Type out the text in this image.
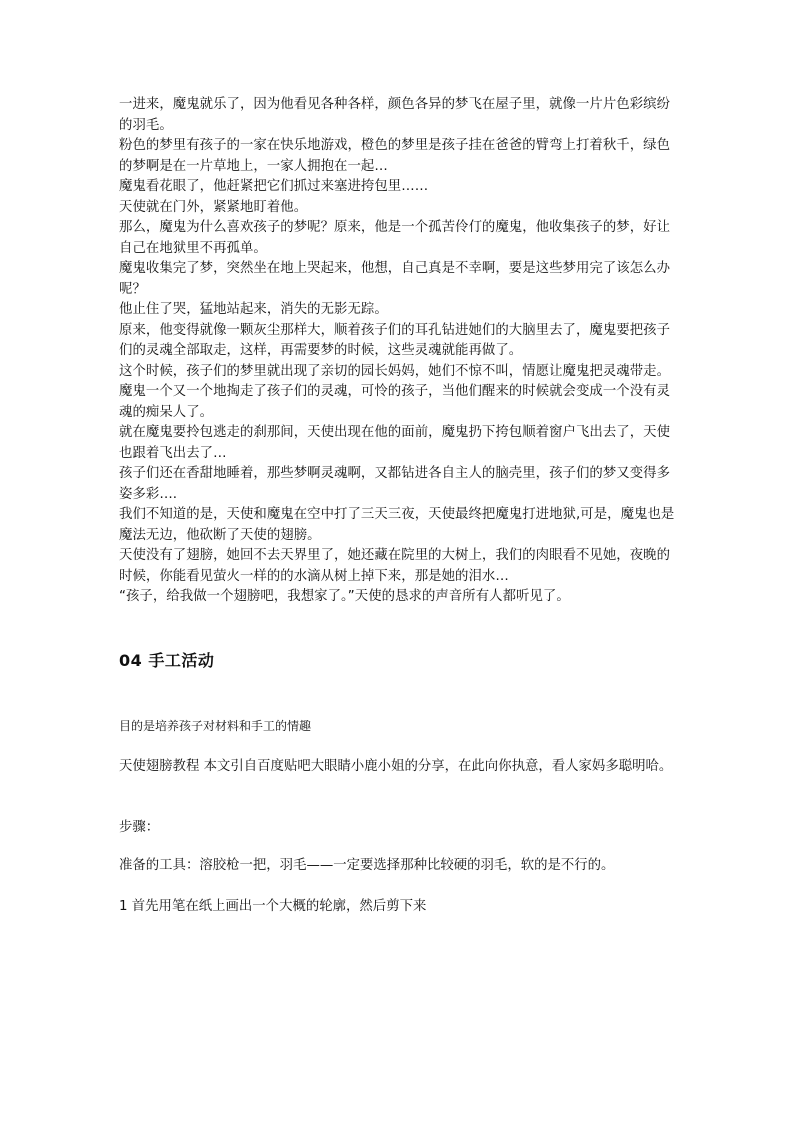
一进来，魔鬼就乐了，因为他看见各种各样，颜色各异的梦飞在屋子里，就像一片片色彩缤纷的羽毛。

粉色的梦里有孩子的一家在快乐地游戏，橙色的梦里是孩子挂在爸爸的臂弯上打着秋千，绿色的梦啊是在一片草地上，一家人拥抱在一起…

魔鬼看花眼了，他赶紧把它们抓过来塞进挎包里……

天使就在门外，紧紧地盯着他。

那么，魔鬼为什么喜欢孩子的梦呢？原来，他是一个孤苦伶仃的魔鬼，他收集孩子的梦，好让自己在地狱里不再孤单。

魔鬼收集完了梦，突然坐在地上哭起来，他想，自己真是不幸啊，要是这些梦用完了该怎么办呢？

他止住了哭，猛地站起来，消失的无影无踪。

原来，他变得就像一颗灰尘那样大，顺着孩子们的耳孔钻进她们的大脑里去了，魔鬼要把孩子们的灵魂全部取走，这样，再需要梦的时候，这些灵魂就能再做了。

这个时候，孩子们的梦里就出现了亲切的园长妈妈，她们不惊不叫，情愿让魔鬼把灵魂带走。

魔鬼一个又一个地掏走了孩子们的灵魂，可怜的孩子，当他们醒来的时候就会变成一个没有灵魂的痴呆人了。

就在魔鬼要拎包逃走的刹那间，天使出现在他的面前，魔鬼扔下挎包顺着窗户飞出去了，天使也跟着飞出去了…

孩子们还在香甜地睡着，那些梦啊灵魂啊，又都钻进各自主人的脑壳里，孩子们的梦又变得多姿多彩….

我们不知道的是，天使和魔鬼在空中打了三天三夜，天使最终把魔鬼打进地狱,可是，魔鬼也是魔法无边，他砍断了天使的翅膀。

天使没有了翅膀，她回不去天界里了，她还藏在院里的大树上，我们的肉眼看不见她，夜晚的时候，你能看见萤火一样的的水滴从树上掉下来，那是她的泪水…

“孩子，给我做一个翅膀吧，我想家了。”天使的恳求的声音所有人都听见了。

04 手工活动

目的是培养孩子对材料和手工的情趣

天使翅膀教程 本文引自百度贴吧大眼睛小鹿小姐的分享，在此向你执意，看人家妈多聪明哈。

步骤：

准备的工具：溶胶枪一把，羽毛——一定要选择那种比较硬的羽毛，软的是不行的。

1 首先用笔在纸上画出一个大概的轮廓，然后剪下来
